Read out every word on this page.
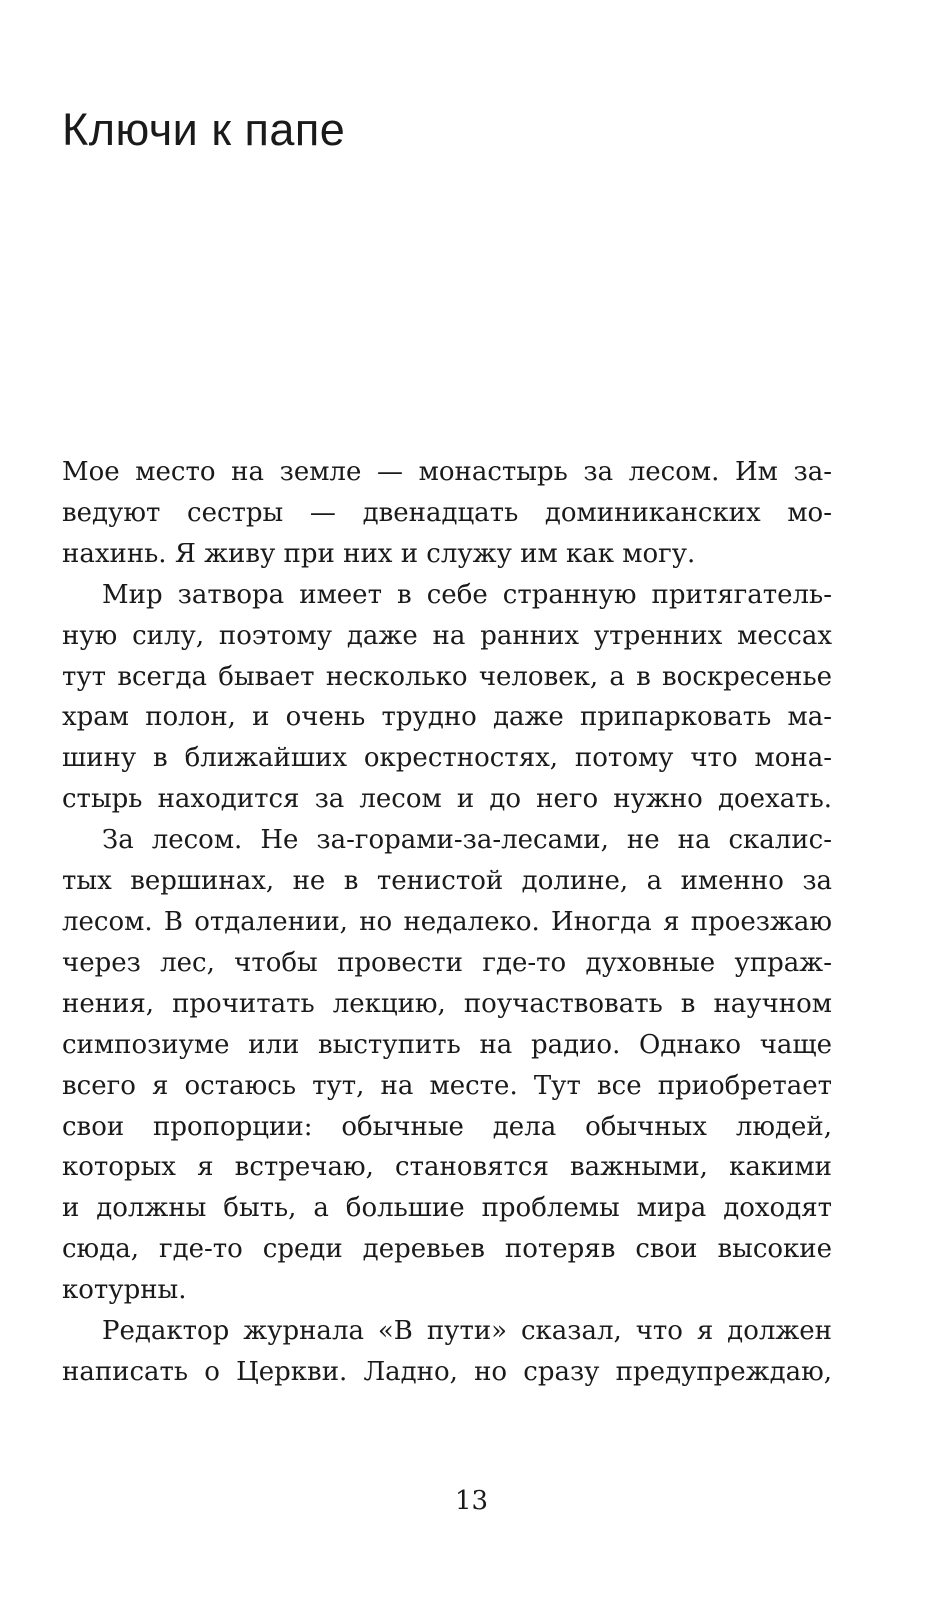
Ключи к папе
Мое место на земле — монастырь за лесом. Им за-
ведуют сестры — двенадцать доминиканских мо-
нахинь. Я живу при них и служу им как могу.
Мир затвора имеет в себе странную притягатель-
ную силу, поэтому даже на ранних утренних мессах
тут всегда бывает несколько человек, а в воскресенье
храм полон, и очень трудно даже припарковать ма-
шину в ближайших окрестностях, потому что мона-
стырь находится за лесом и до него нужно доехать.
За лесом. Не за-горами-за-лесами, не на скалис-
тых вершинах, не в тенистой долине, а именно за
лесом. В отдалении, но недалеко. Иногда я проезжаю
через лес, чтобы провести где-то духовные упраж-
нения, прочитать лекцию, поучаствовать в научном
симпозиуме или выступить на радио. Однако чаще
всего я остаюсь тут, на месте. Тут все приобретает
свои пропорции: обычные дела обычных людей,
которых я встречаю, становятся важными, какими
и должны быть, а большие проблемы мира доходят
сюда, где-то среди деревьев потеряв свои высокие
котурны.
Редактор журнала «В пути» сказал, что я должен
написать о Церкви. Ладно, но сразу предупреждаю,
13
